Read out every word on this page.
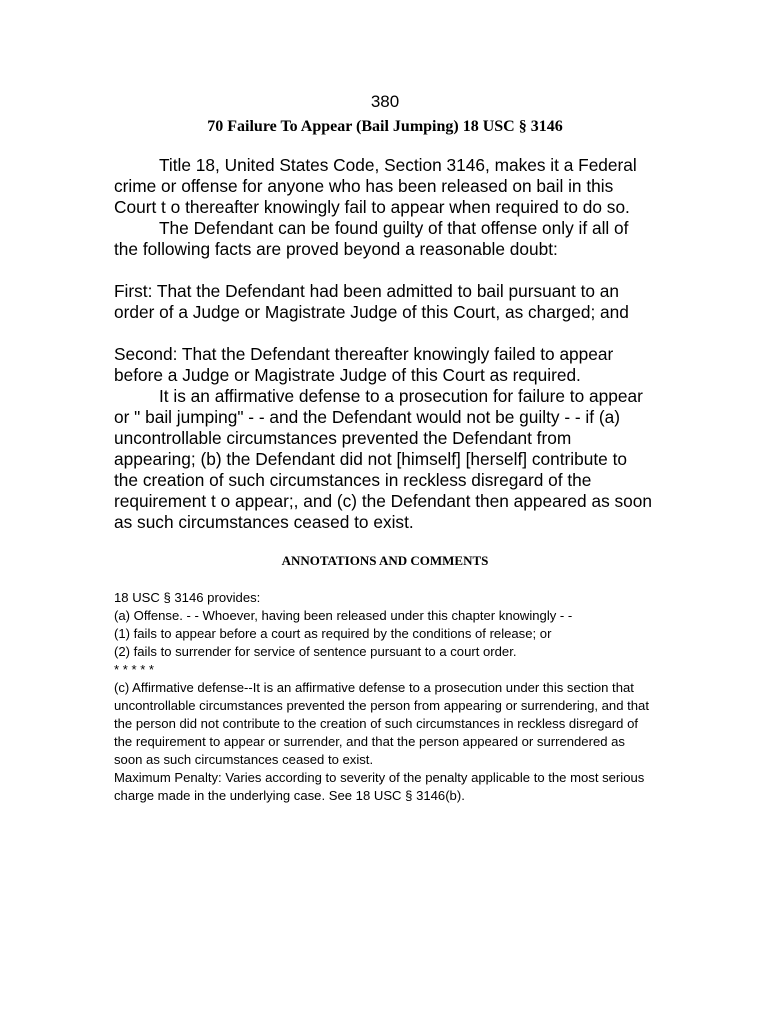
380
70 Failure To Appear (Bail Jumping) 18 USC § 3146

Title 18, United States Code, Section 3146, makes it a Federal crime or offense for anyone who has been released on bail in this Court t o thereafter knowingly fail to appear when required to do so.

The Defendant can be found guilty of that offense only if all of the following facts are proved beyond a reasonable doubt:

First: That the Defendant had been admitted to bail pursuant to an order of a Judge or Magistrate Judge of this Court, as charged; and

Second: That the Defendant thereafter knowingly failed to appear before a Judge or Magistrate Judge of this Court as required.

It is an affirmative defense to a prosecution for failure to appear or " bail jumping" - - and the Defendant would not be guilty - - if (a) uncontrollable circumstances prevented the Defendant from appearing; (b) the Defendant did not [himself] [herself] contribute to the creation of such circumstances in reckless disregard of the requirement t o appear;, and (c) the Defendant then appeared as soon as such circumstances ceased to exist.

ANNOTATIONS AND COMMENTS
18 USC § 3146 provides:
(a) Offense. - - Whoever, having been released under this chapter knowingly - -
(1) fails to appear before a court as required by the conditions of release; or
(2) fails to surrender for service of sentence pursuant to a court order.
* * * * *
(c) Affirmative defense--It is an affirmative defense to a prosecution under this section that uncontrollable circumstances prevented the person from appearing or surrendering, and that the person did not contribute to the creation of such circumstances in reckless disregard of the requirement to appear or surrender, and that the person appeared or surrendered as soon as such circumstances ceased to exist.
Maximum Penalty: Varies according to severity of the penalty applicable to the most serious charge made in the underlying case. See 18 USC § 3146(b).
